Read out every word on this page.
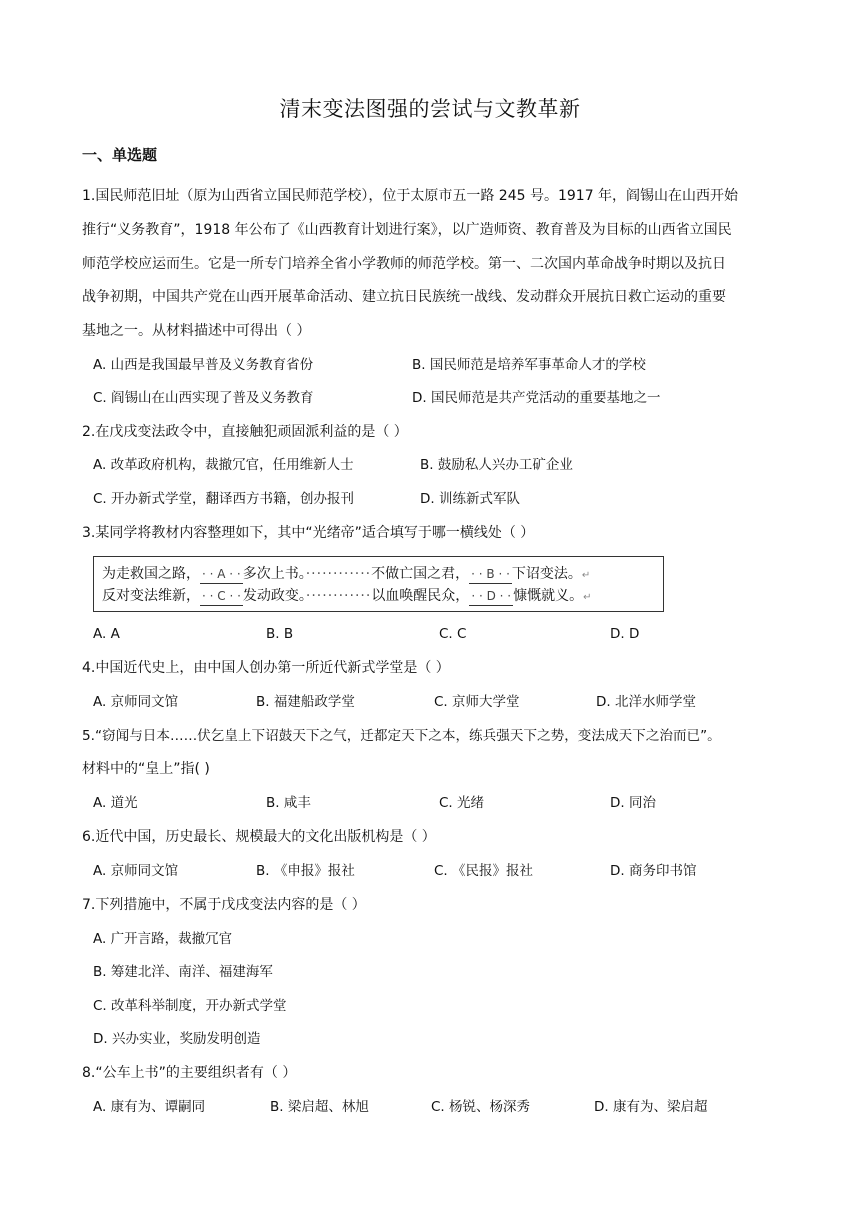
清末变法图强的尝试与文教革新
一、单选题
1.国民师范旧址（原为山西省立国民师范学校），位于太原市五一路 245 号。1917 年，阎锡山在山西开始
推行“义务教育”，1918 年公布了《山西教育计划进行案》，以广造师资、教育普及为目标的山西省立国民
师范学校应运而生。它是一所专门培养全省小学教师的师范学校。第一、二次国内革命战争时期以及抗日
战争初期，中国共产党在山西开展革命活动、建立抗日民族统一战线、发动群众开展抗日救亡运动的重要
基地之一。从材料描述中可得出（ ）
A. 山西是我国最早普及义务教育省份	B. 国民师范是培养军事革命人才的学校
C. 阎锡山在山西实现了普及义务教育	D. 国民师范是共产党活动的重要基地之一
2.在戊戌变法政令中，直接触犯顽固派利益的是（ ）
A. 改革政府机构，裁撤冗官，任用维新人士	B. 鼓励私人兴办工矿企业
C. 开办新式学堂，翻译西方书籍，创办报刊	D. 训练新式军队
3.某同学将教材内容整理如下，其中“光绪帝”适合填写于哪一横线处（ ）
为走救国之路， · · A · · 多次上书。············不做亡国之君， · · B · · 下诏变法。↵
反对变法维新， · · C · · 发动政变。············以血唤醒民众， · · D · · 慷慨就义。↵
A. A	B. B	C. C	D. D
4.中国近代史上，由中国人创办第一所近代新式学堂是（ ）
A. 京师同文馆	B. 福建船政学堂	C. 京师大学堂	D. 北洋水师学堂
5.“窃闻与日本……伏乞皇上下诏鼓天下之气，迁都定天下之本，练兵强天下之势，变法成天下之治而已”。
材料中的“皇上”指( )
A. 道光	B. 咸丰	C. 光绪	D. 同治
6.近代中国，历史最长、规模最大的文化出版机构是（ ）
A. 京师同文馆	B. 《申报》报社	C. 《民报》报社	D. 商务印书馆
7.下列措施中，不属于戊戌变法内容的是（ ）
A. 广开言路，裁撤冗官
B. 筹建北洋、南洋、福建海军
C. 改革科举制度，开办新式学堂
D. 兴办实业，奖励发明创造
8.“公车上书”的主要组织者有（ ）
A. 康有为、谭嗣同	B. 梁启超、林旭	C. 杨锐、杨深秀	D. 康有为、梁启超
